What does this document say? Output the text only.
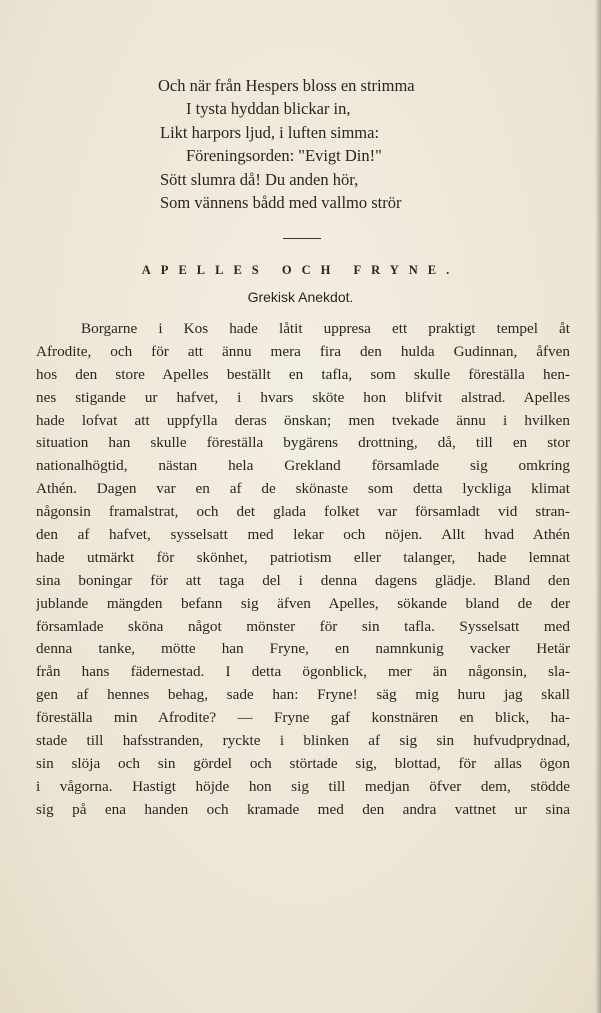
Och när från Hespers bloss en strimma
I tysta hyddan blickar in,
Likt harpors ljud, i luften simma:
Föreningsorden: "Evigt Din!"
Sött slumra då! Du anden hör,
Som vännens bådd med vallmo strör
APELLES OCH FRYNE.
Grekisk Anekdot.
Borgarne i Kos hade låtit uppresa ett praktigt tempel åt
Afrodite, och för att ännu mera fira den hulda Gudinnan, åfven
hos den store Apelles beställt en tafla, som skulle föreställa hen-
nes stigande ur hafvet, i hvars sköte hon blifvit alstrad. Apelles
hade lofvat att uppfylla deras önskan; men tvekade ännu i hvilken
situation han skulle föreställa bygärens drottning, då, till en stor
nationalhögtid, nästan hela Grekland församlade sig omkring
Athén. Dagen var en af de skönaste som detta lyckliga klimat
någonsin framalstrat, och det glada folket var församladt vid stran-
den af hafvet, sysselsatt med lekar och nöjen. Allt hvad Athén
hade utmärkt för skönhet, patriotism eller talanger, hade lemnat
sina boningar för att taga del i denna dagens glädje. Bland den
jublande mängden befann sig äfven Apelles, sökande bland de der
församlade sköna något mönster för sin tafla. Sysselsatt med
denna tanke, mötte han Fryne, en namnkunig vacker Hetär
från hans fädernestad. I detta ögonblick, mer än någonsin, sla-
gen af hennes behag, sade han: Fryne! säg mig huru jag skall
föreställa min Afrodite? — Fryne gaf konstnären en blick, ha-
stade till hafsstranden, ryckte i blinken af sig sin hufvudprydnad,
sin slöja och sin gördel och störtade sig, blottad, för allas ögon
i vågorna. Hastigt höjde hon sig till medjan öfver dem, stödde
sig på ena handen och kramade med den andra vattnet ur sina
